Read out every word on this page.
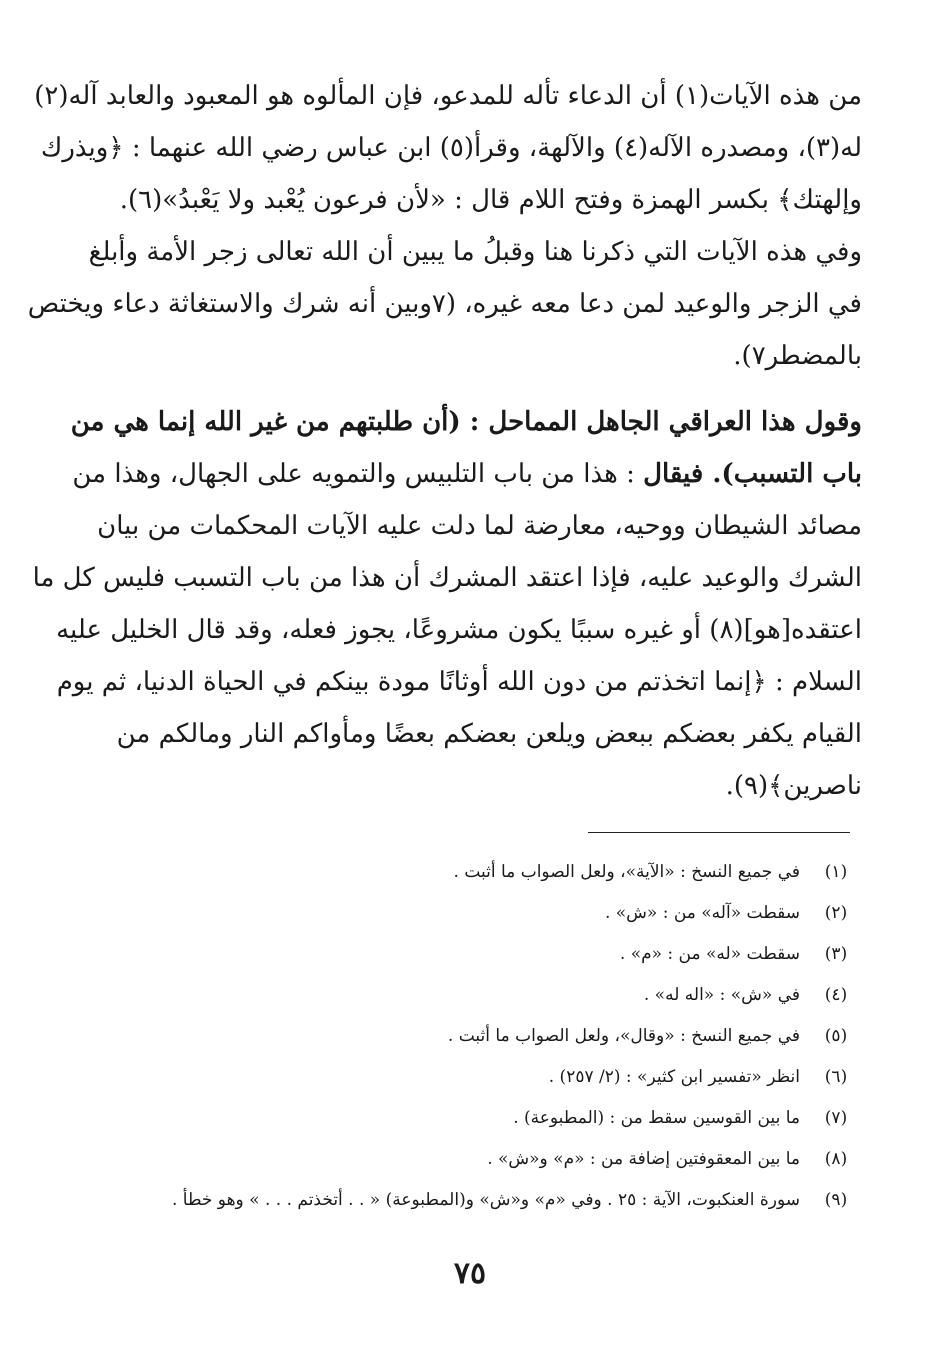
من هذه الآيات(١) أن الدعاء تأله للمدعو، فإن المألوه هو المعبود والعابد آله(٢)
له(٣)، ومصدره الآله(٤) والآلهة، وقرأ(٥) ابن عباس رضي الله عنهما : ﴿ويذرك
وإلهتك﴾ بكسر الهمزة وفتح اللام قال : «لأن فرعون يُعْبد ولا يَعْبدُ»(٦).
وفي هذه الآيات التي ذكرنا هنا وقبلُ ما يبين أن الله تعالى زجر الأمة وأبلغ
في الزجر والوعيد لمن دعا معه غيره، (٧وبين أنه شرك والاستغاثة دعاء ويختص
بالمضطر٧).
وقول هذا العراقي الجاهل المماحل : (أن طلبتهم من غير الله إنما هي من
باب التسبب). فيقال : هذا من باب التلبيس والتمويه على الجهال، وهذا من
مصائد الشيطان ووحيه، معارضة لما دلت عليه الآيات المحكمات من بيان
الشرك والوعيد عليه، فإذا اعتقد المشرك أن هذا من باب التسبب فليس كل ما
اعتقده[هو](٨) أو غيره سببًا يكون مشروعًا، يجوز فعله، وقد قال الخليل عليه
السلام : ﴿إنما اتخذتم من دون الله أوثانًا مودة بينكم في الحياة الدنيا، ثم يوم
القيام يكفر بعضكم ببعض ويلعن بعضكم بعضًا ومأواكم النار ومالكم من
ناصرين﴾(٩).
(١)
في جميع النسخ : «الآية»، ولعل الصواب ما أثبت .
(٢)
سقطت «آله» من : «ش» .
(٣)
سقطت «له» من : «م» .
(٤)
في «ش» : «اله له» .
(٥)
في جميع النسخ : «وقال»، ولعل الصواب ما أثبت .
(٦)
انظر «تفسير ابن كثير» : (٢/ ٢٥٧) .
(٧)
ما بين القوسين سقط من : (المطبوعة) .
(٨)
ما بين المعقوفتين إضافة من : «م» و«ش» .
(٩)
سورة العنكبوت، الآية : ٢٥ . وفي «م» و«ش» و(المطبوعة) « . . أتخذتم . . . » وهو خطأ .
٧٥
